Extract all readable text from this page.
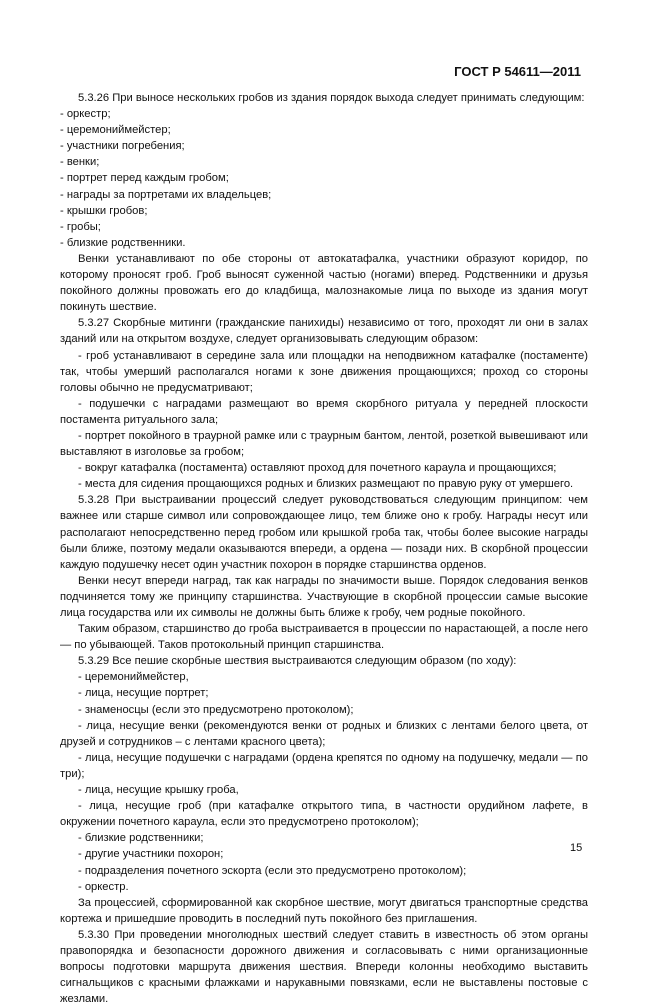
ГОСТ Р 54611—2011

5.3.26 При выносе нескольких гробов из здания порядок выхода следует принимать следующим:

- оркестр;

- церемониймейстер;

- участники погребения;

- венки;

- портрет перед каждым гробом;

- награды за портретами их владельцев;

- крышки гробов;

- гробы;

- близкие родственники.

Венки устанавливают по обе стороны от автокатафалка, участники образуют коридор, по которому проносят гроб. Гроб выносят суженной частью (ногами) вперед. Родственники и друзья покойного должны провожать его до кладбища, малознакомые лица по выходе из здания могут покинуть шествие.

5.3.27 Скорбные митинги (гражданские панихиды) независимо от того, проходят ли они в залах зданий или на открытом воздухе, следует организовывать следующим образом:

- гроб устанавливают в середине зала или площадки на неподвижном катафалке (постаменте) так, чтобы умерший располагался ногами к зоне движения прощающихся; проход со стороны головы обычно не предусматривают;

- подушечки с наградами размещают во время скорбного ритуала у передней плоскости постамента ритуального зала;

- портрет покойного в траурной рамке или с траурным бантом, лентой, розеткой вывешивают или выставляют в изголовье за гробом;

- вокруг катафалка (постамента) оставляют проход для почетного караула и прощающихся;

- места для сидения прощающихся родных и близких размещают по правую руку от умершего.

5.3.28 При выстраивании процессий следует руководствоваться следующим принципом: чем важнее или старше символ или сопровождающее лицо, тем ближе оно к гробу. Награды несут или располагают непосредственно перед гробом или крышкой гроба так, чтобы более высокие награды были ближе, поэтому медали оказываются впереди, а ордена — позади них. В скорбной процессии каждую подушечку несет один участник похорон в порядке старшинства орденов.

Венки несут впереди наград, так как награды по значимости выше. Порядок следования венков подчиняется тому же принципу старшинства. Участвующие в скорбной процессии самые высокие лица государства или их символы не должны быть ближе к гробу, чем родные покойного.

Таким образом, старшинство до гроба выстраивается в процессии по нарастающей, а после него — по убывающей. Таков протокольный принцип старшинства.

5.3.29 Все пешие скорбные шествия выстраиваются следующим образом (по ходу):

- церемониймейстер,

- лица, несущие портрет;

- знаменосцы (если это предусмотрено протоколом);

- лица, несущие венки (рекомендуются венки от родных и близких с лентами белого цвета, от друзей и сотрудников – с лентами красного цвета);

- лица, несущие подушечки с наградами (ордена крепятся по одному на подушечку, медали — по три);

- лица, несущие крышку гроба,

- лица, несущие гроб (при катафалке открытого типа, в частности орудийном лафете, в окружении почетного караула, если это предусмотрено протоколом);

- близкие родственники;

- другие участники похорон;

- подразделения почетного эскорта (если это предусмотрено протоколом);

- оркестр.

За процессией, сформированной как скорбное шествие, могут двигаться транспортные средства кортежа и пришедшие проводить в последний путь покойного без приглашения.

5.3.30 При проведении многолюдных шествий следует ставить в известность об этом органы правопорядка и безопасности дорожного движения и согласовывать с ними организационные вопросы подготовки маршрута движения шествия. Впереди колонны необходимо выставить сигнальщиков с красными флажками и нарукавными повязками, если не выставлены постовые с жезлами.

15
